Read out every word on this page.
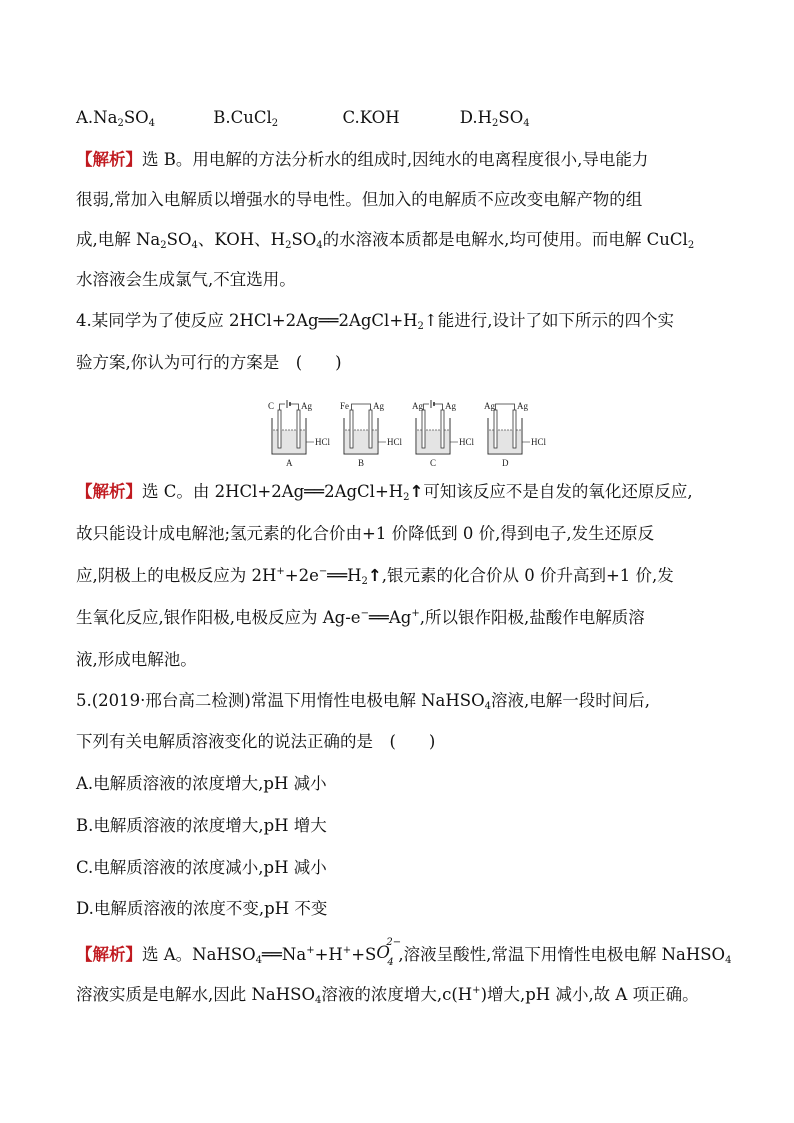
$A.Na_2SO_4$	B.CuCl$_2$	C.KOH	$D.H_2SO_4$
【解析】选 B。用电解的方法分析水的组成时,因纯水的电离程度很小,导电能力
很弱,常加入电解质以增强水的导电性。但加入的电解质不应改变电解产物的组
成,电解 $Na_2SO_4$、KOH、$H_2SO_4$的水溶液本质都是电解水,均可使用。而电解 CuCl$_2$
水溶液会生成氯气,不宜选用。
4.某同学为了使反应 $2HCl+2Ag══2AgCl+H_2↑$能进行,设计了如下所示的四个实
验方案,你认为可行的方案是　(　　)
C	Ag
HCl
A
Fe	Ag
HCl
B
Ag Ag
HCl
C
Ag Ag
HCl
D
【解析】选 C。由 $2HCl+2Ag══2AgCl+H_2↑$可知该反应不是自发的氧化还原反应,
故只能设计成电解池;氢元素的化合价由+1 价降低到 0 价,得到电子,发生还原反
应,阴极上的电极反应为 $2H^++2e^-══H_2↑$,银元素的化合价从 0 价升高到+1 价,发
生氧化反应,银作阳极,电极反应为 Ag-e−══Ag+,所以银作阳极,盐酸作电解质溶
液,形成电解池。
5.(2019·邢台高二检测)常温下用惰性电极电解 NaHSO$_4$溶液,电解一段时间后,
下列有关电解质溶液变化的说法正确的是　(　　)
A.电解质溶液的浓度增大,pH 减小
B.电解质溶液的浓度增大,pH 增大
C.电解质溶液的浓度减小,pH 减小
D.电解质溶液的浓度不变,pH 不变
【解析】选 A。NaHSO$_4$══Na++H++S O
4
2−
,溶液呈酸性,常温下用惰性电极电解 NaHSO$_4$
溶液实质是电解水,因此 NaHSO$_4$溶液的浓度增大,c(H+)增大,pH 减小,故 A 项正确。
